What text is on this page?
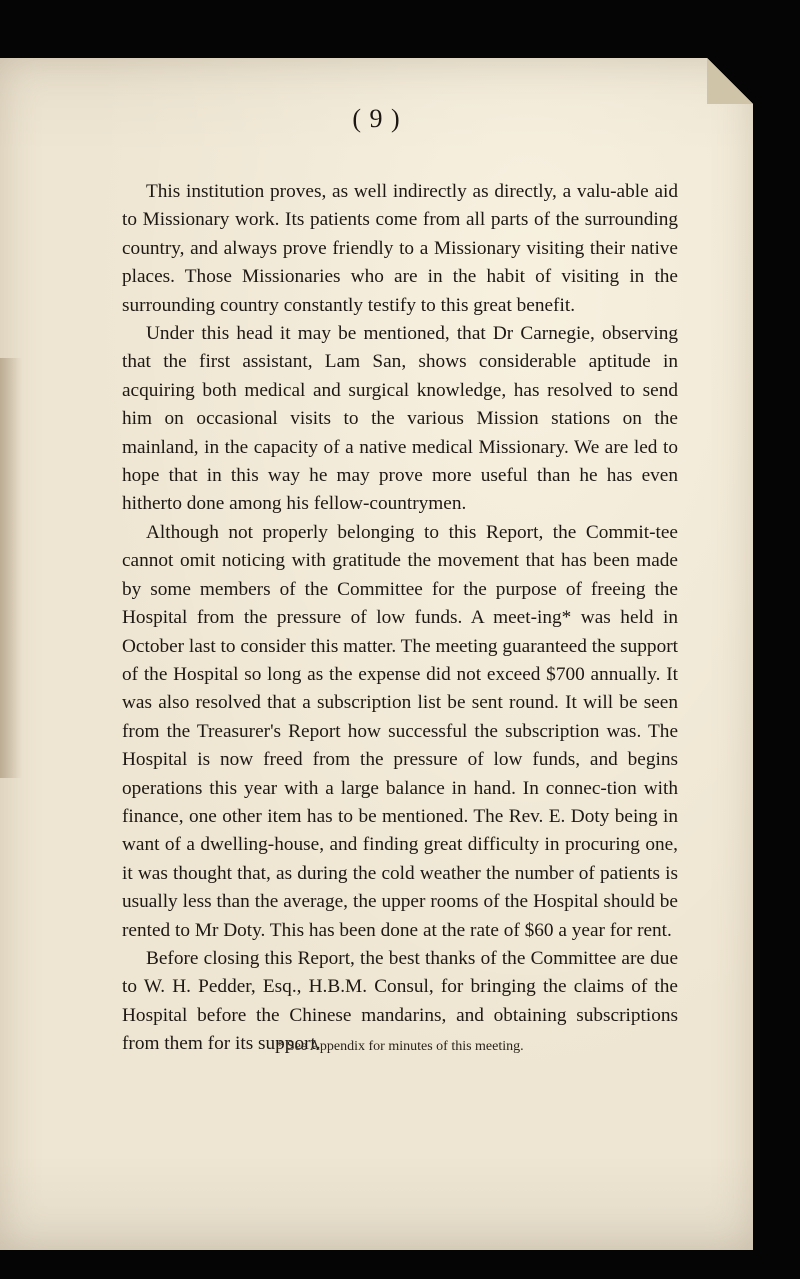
( 9 )

This institution proves, as well indirectly as directly, a valu-able aid to Missionary work. Its patients come from all parts of the surrounding country, and always prove friendly to a Missionary visiting their native places. Those Missionaries who are in the habit of visiting in the surrounding country constantly testify to this great benefit.

Under this head it may be mentioned, that Dr Carnegie, observing that the first assistant, Lam San, shows considerable aptitude in acquiring both medical and surgical knowledge, has resolved to send him on occasional visits to the various Mission stations on the mainland, in the capacity of a native medical Missionary. We are led to hope that in this way he may prove more useful than he has even hitherto done among his fellow-countrymen.

Although not properly belonging to this Report, the Commit-tee cannot omit noticing with gratitude the movement that has been made by some members of the Committee for the purpose of freeing the Hospital from the pressure of low funds. A meet-ing* was held in October last to consider this matter. The meeting guaranteed the support of the Hospital so long as the expense did not exceed $700 annually. It was also resolved that a subscription list be sent round. It will be seen from the Treasurer's Report how successful the subscription was. The Hospital is now freed from the pressure of low funds, and begins operations this year with a large balance in hand. In connec-tion with finance, one other item has to be mentioned. The Rev. E. Doty being in want of a dwelling-house, and finding great difficulty in procuring one, it was thought that, as during the cold weather the number of patients is usually less than the average, the upper rooms of the Hospital should be rented to Mr Doty. This has been done at the rate of $60 a year for rent.

Before closing this Report, the best thanks of the Committee are due to W. H. Pedder, Esq., H.B.M. Consul, for bringing the claims of the Hospital before the Chinese mandarins, and obtaining subscriptions from them for its support.

* See Appendix for minutes of this meeting.
